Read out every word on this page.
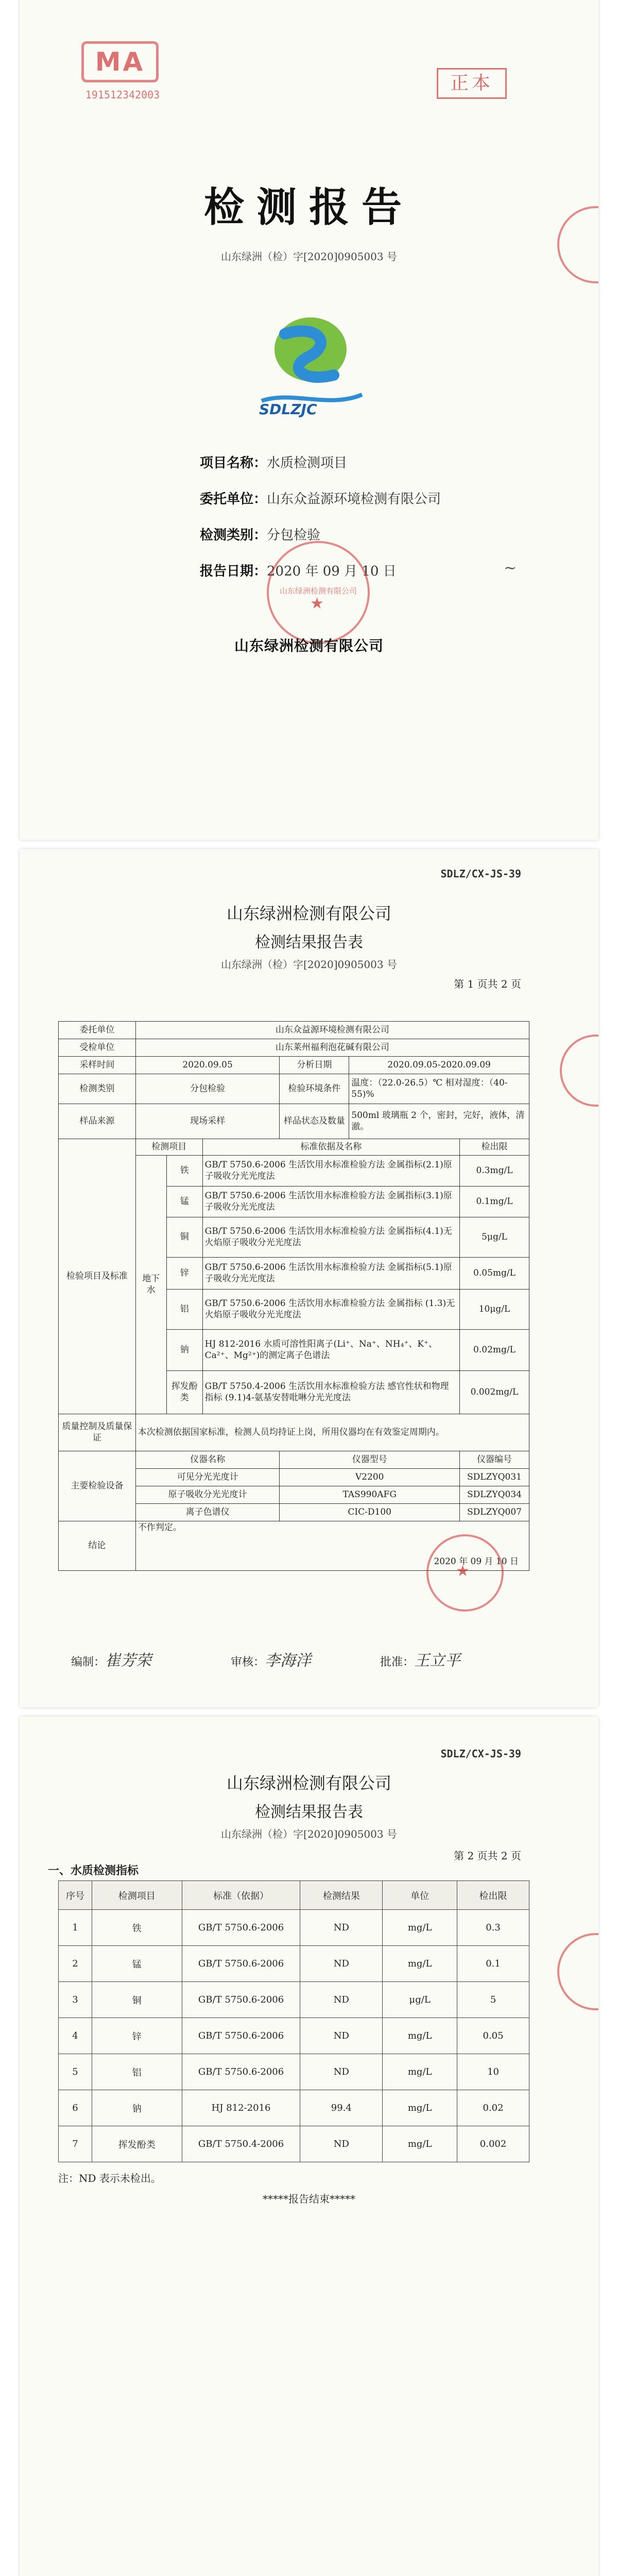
MA
191512342003
正本
检测报告
山东绿洲（检）字[2020]0905003 号
SDLZJC
项目名称：水质检测项目
委托单位：山东众益源环境检测有限公司
检测类别：分包检验
报告日期：2020 年 09 月 10 日
山东绿洲检测有限公司
★
~
山东绿洲检测有限公司
SDLZ/CX-JS-39
山东绿洲检测有限公司
检测结果报告表
山东绿洲（检）字[2020]0905003 号
第 1 页共 2 页
委托单位	山东众益源环境检测有限公司					
受检单位	山东莱州福利泡花碱有限公司					
采样时间	2020.09.05			分析日期	2020.09.05-2020.09.09	
检测类别	分包检验			检验环境条件	温度：（22.0-26.5）℃ 相对湿度：（40-55)%	
样品来源	现场采样			样品状态及数量	500ml 玻璃瓶 2 个，密封，完好，液体，清澈。	
检验项目及标准	检测项目		标准依据及名称			检出限
	地下水	铁	GB/T 5750.6-2006 生活饮用水标准检验方法 金属指标(2.1)原子吸收分光光度法			0.3mg/L
		锰	GB/T 5750.6-2006 生活饮用水标准检验方法 金属指标(3.1)原子吸收分光光度法			0.1mg/L
		铜	GB/T 5750.6-2006 生活饮用水标准检验方法 金属指标(4.1)无火焰原子吸收分光光度法			5μg/L
		锌	GB/T 5750.6-2006 生活饮用水标准检验方法 金属指标(5.1)原子吸收分光光度法			0.05mg/L
		铝	GB/T 5750.6-2006 生活饮用水标准检验方法 金属指标 (1.3)无火焰原子吸收分光光度法			10μg/L
		钠	HJ 812-2016 水质可溶性阳离子(Li⁺、Na⁺、NH₄⁺、K⁺、Ca²⁺、Mg²⁺)的测定离子色谱法			0.02mg/L
		挥发酚类	GB/T 5750.4-2006 生活饮用水标准检验方法 感官性状和物理指标 (9.1)4-氨基安替吡啉分光光度法			0.002mg/L
质量控制及质量保证	本次检测依据国家标准，检测人员均持证上岗，所用仪器均在有效鉴定周期内。					
主要检验设备	仪器名称			仪器型号		仪器编号
	可见分光光度计			V2200		SDLZYQ031
	原子吸收分光光度计			TAS990AFG		SDLZYQ034
	离子色谱仪			CIC-D100		SDLZYQ007
结论	不作判定。
2020 年 09 月 10 日					
★
编制：崔芳荣	审核：李海洋	批准：王立平
SDLZ/CX-JS-39
山东绿洲检测有限公司
检测结果报告表
山东绿洲（检）字[2020]0905003 号
第 2 页共 2 页
一、水质检测指标
序号	检测项目	标准（依据）	检测结果	单位	检出限
1	铁	GB/T 5750.6-2006	ND	mg/L	0.3
2	锰	GB/T 5750.6-2006	ND	mg/L	0.1
3	铜	GB/T 5750.6-2006	ND	μg/L	5
4	锌	GB/T 5750.6-2006	ND	mg/L	0.05
5	铝	GB/T 5750.6-2006	ND	mg/L	10
6	钠	HJ 812-2016	99.4	mg/L	0.02
7	挥发酚类	GB/T 5750.4-2006	ND	mg/L	0.002
注：ND 表示未检出。
*****报告结束*****
